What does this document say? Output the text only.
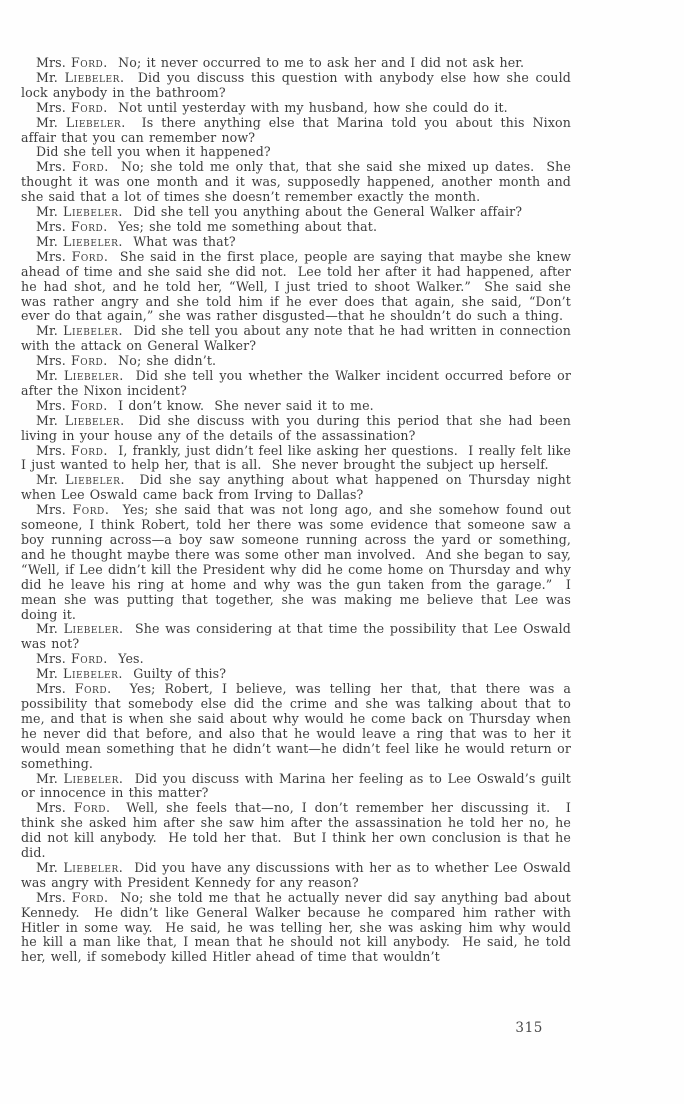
Mrs. Ford.  No; it never occurred to me to ask her and I did not ask her.

Mr. Liebeler.  Did you discuss this question with anybody else how she could lock anybody in the bathroom?

Mrs. Ford.  Not until yesterday with my husband, how she could do it.

Mr. Liebeler.  Is there anything else that Marina told you about this Nixon affair that you can remember now?

Did she tell you when it happened?

Mrs. Ford.  No; she told me only that, that she said she mixed up dates.  She thought it was one month and it was, supposedly happened, another month and she said that a lot of times she doesn’t remember exactly the month.

Mr. Liebeler.  Did she tell you anything about the General Walker affair?

Mrs. Ford.  Yes; she told me something about that.

Mr. Liebeler.  What was that?

Mrs. Ford.  She said in the first place, people are saying that maybe she knew ahead of time and she said she did not.  Lee told her after it had happened, after he had shot, and he told her, “Well, I just tried to shoot Walker.”  She said she was rather angry and she told him if he ever does that again, she said, “Don’t ever do that again,” she was rather disgusted—that he shouldn’t do such a thing.

Mr. Liebeler.  Did she tell you about any note that he had written in connection with the attack on General Walker?

Mrs. Ford.  No; she didn’t.

Mr. Liebeler.  Did she tell you whether the Walker incident occurred before or after the Nixon incident?

Mrs. Ford.  I don’t know.  She never said it to me.

Mr. Liebeler.  Did she discuss with you during this period that she had been living in your house any of the details of the assassination?

Mrs. Ford.  I, frankly, just didn’t feel like asking her questions.  I really felt like I just wanted to help her, that is all.  She never brought the subject up herself.

Mr. Liebeler.  Did she say anything about what happened on Thursday night when Lee Oswald came back from Irving to Dallas?

Mrs. Ford.  Yes; she said that was not long ago, and she somehow found out someone, I think Robert, told her there was some evidence that someone saw a boy running across—a boy saw someone running across the yard or something, and he thought maybe there was some other man involved.  And she began to say, “Well, if Lee didn’t kill the President why did he come home on Thursday and why did he leave his ring at home and why was the gun taken from the garage.”  I mean she was putting that together, she was making me believe that Lee was doing it.

Mr. Liebeler.  She was considering at that time the possibility that Lee Oswald was not?

Mrs. Ford.  Yes.

Mr. Liebeler.  Guilty of this?

Mrs. Ford.  Yes; Robert, I believe, was telling her that, that there was a possibility that somebody else did the crime and she was talking about that to me, and that is when she said about why would he come back on Thursday when he never did that before, and also that he would leave a ring that was to her it would mean something that he didn’t want—he didn’t feel like he would return or something.

Mr. Liebeler.  Did you discuss with Marina her feeling as to Lee Oswald’s guilt or innocence in this matter?

Mrs. Ford.  Well, she feels that—no, I don’t remember her discussing it.  I think she asked him after she saw him after the assassination he told her no, he did not kill anybody.  He told her that.  But I think her own conclusion is that he did.

Mr. Liebeler.  Did you have any discussions with her as to whether Lee Oswald was angry with President Kennedy for any reason?

Mrs. Ford.  No; she told me that he actually never did say anything bad about Kennedy.  He didn’t like General Walker because he compared him rather with Hitler in some way.  He said, he was telling her, she was asking him why would he kill a man like that, I mean that he should not kill anybody.  He said, he told her, well, if somebody killed Hitler ahead of time that wouldn’t

315
